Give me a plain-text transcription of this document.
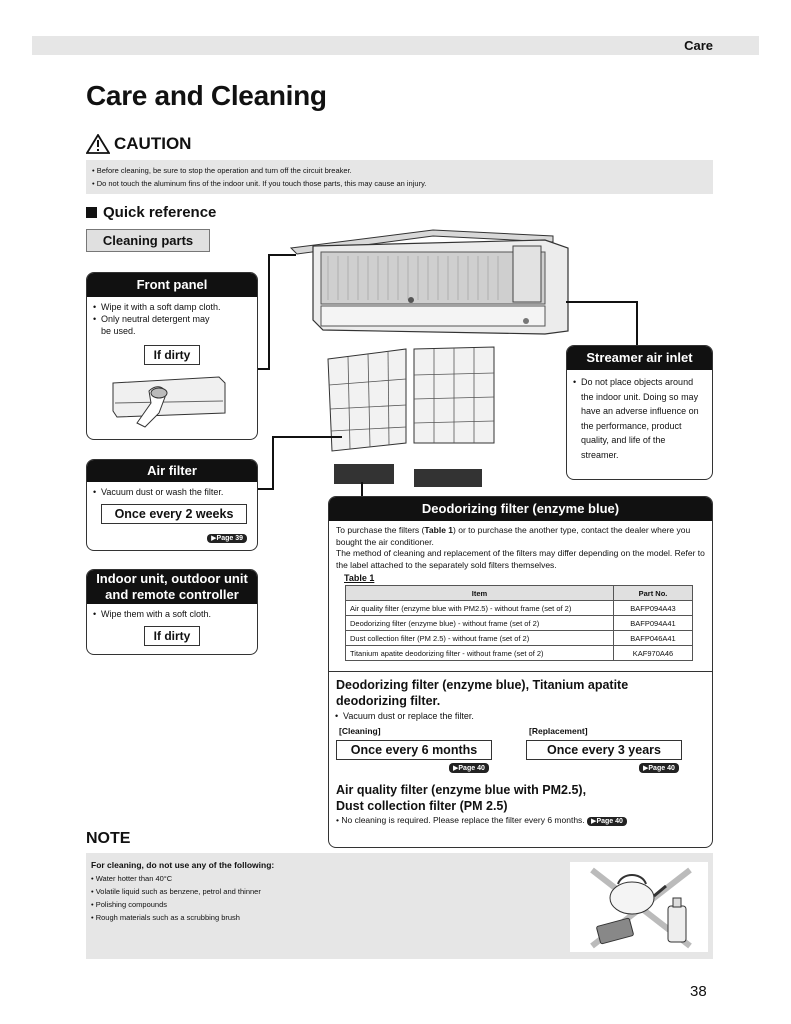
Care
Care and Cleaning
CAUTION
• Before cleaning, be sure to stop the operation and turn off the circuit breaker.
• Do not touch the aluminum fins of the indoor unit. If you touch those parts, this may cause an injury.
Quick reference
Cleaning parts
Front panel
• Wipe it with a soft damp cloth.
• Only neutral detergent may be used.
If dirty
Air filter
• Vacuum dust or wash the filter.
Once every 2 weeks
▶Page 39
Indoor unit, outdoor unit
and remote controller
• Wipe them with a soft cloth.
If dirty
Streamer air inlet
• Do not place objects around the indoor unit. Doing so may have an adverse influence on the performance, product quality, and life of the streamer.
Deodorizing filter (enzyme blue)
To purchase the filters (Table 1) or to purchase the another type, contact the dealer where you bought the air conditioner.
The method of cleaning and replacement of the filters may differ depending on the model. Refer to the label attached to the separately sold filters themselves.
Table 1
Item	Part No.
Air quality filter (enzyme blue with PM2.5) - without frame (set of 2)	BAFP094A43
Deodorizing filter (enzyme blue) - without frame (set of 2)	BAFP094A41
Dust collection filter (PM 2.5) - without frame (set of 2)	BAFP046A41
Titanium apatite deodorizing filter - without frame (set of 2)	KAF970A46
Deodorizing filter (enzyme blue), Titanium apatite
deodorizing filter.
• Vacuum dust or replace the filter.
[Cleaning]
Once every 6 months
▶Page 40
[Replacement]
Once every 3 years
▶Page 40
Air quality filter (enzyme blue with PM2.5),
Dust collection filter (PM 2.5)
• No cleaning is required. Please replace the filter every 6 months. ▶Page 40
NOTE
For cleaning, do not use any of the following:
• Water hotter than 40°C
• Volatile liquid such as benzene, petrol and thinner
• Polishing compounds
• Rough materials such as a scrubbing brush
38
